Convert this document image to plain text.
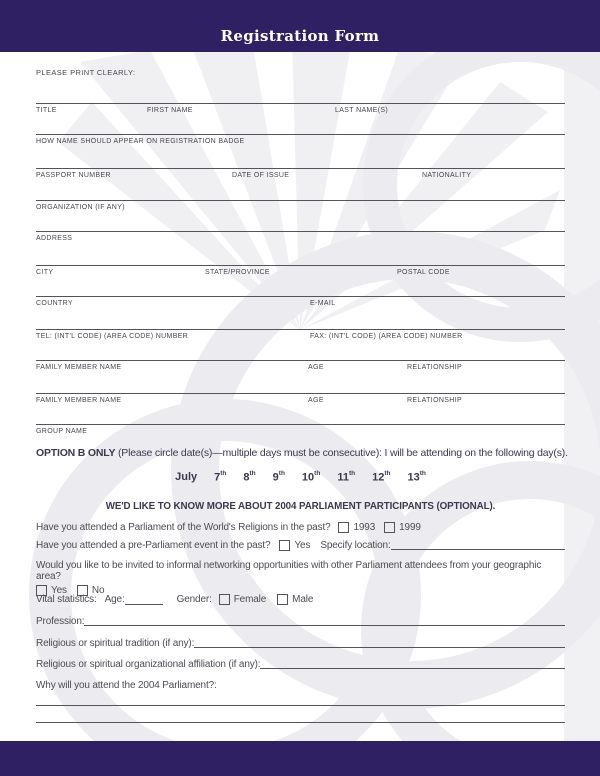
Registration Form
PLEASE PRINT CLEARLY:
TITLE	FIRST NAME	LAST NAME(S)
HOW NAME SHOULD APPEAR ON REGISTRATION BADGE
PASSPORT NUMBER	DATE OF ISSUE	NATIONALITY
ORGANIZATION (IF ANY)
ADDRESS
CITY	STATE/PROVINCE	POSTAL CODE
COUNTRY	E-MAIL
TEL: (INT'L CODE) (AREA CODE) NUMBER	FAX: (INT'L CODE) (AREA CODE) NUMBER
FAMILY MEMBER NAME	AGE	RELATIONSHIP
FAMILY MEMBER NAME	AGE	RELATIONSHIP
GROUP NAME
OPTION B ONLY (Please circle date(s)—multiple days must be consecutive): I will be attending on the following day(s).
July 7th 8th 9th 10th 11th 12th 13th
WE'D LIKE TO KNOW MORE ABOUT 2004 PARLIAMENT PARTICIPANTS (OPTIONAL).
Have you attended a Parliament of the World's Religions in the past? 1993 1999
Have you attended a pre-Parliament event in the past? Yes Specify location:
Would you like to be invited to informal networking opportunities with other Parliament attendees from your geographic area?
Yes	No
Vital statistics: Age:	Gender: Female	Male
Profession:
Religious or spiritual tradition (if any):
Religious or spiritual organizational affiliation (if any):
Why will you attend the 2004 Parliament?:
